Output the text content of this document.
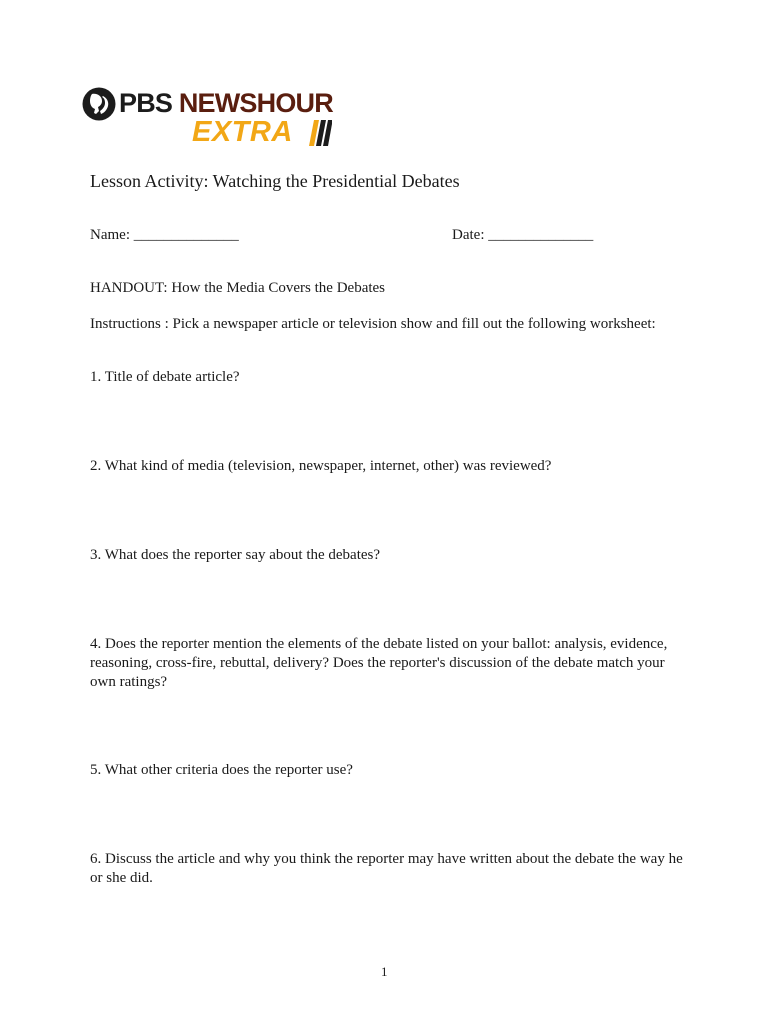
PBS NEWSHOUR
EXTRA
Lesson Activity: Watching the Presidential Debates
Name: ______________	Date: ______________
HANDOUT: How the Media Covers the Debates
Instructions : Pick a newspaper article or television show and fill out the following worksheet:
1. Title of debate article?
2. What kind of media (television, newspaper, internet, other) was reviewed?
3. What does the reporter say about the debates?
4. Does the reporter mention the elements of the debate listed on your ballot: analysis, evidence, reasoning, cross-fire, rebuttal, delivery? Does the reporter's discussion of the debate match your own ratings?
5. What other criteria does the reporter use?
6. Discuss the article and why you think the reporter may have written about the debate the way he or she did.
1
